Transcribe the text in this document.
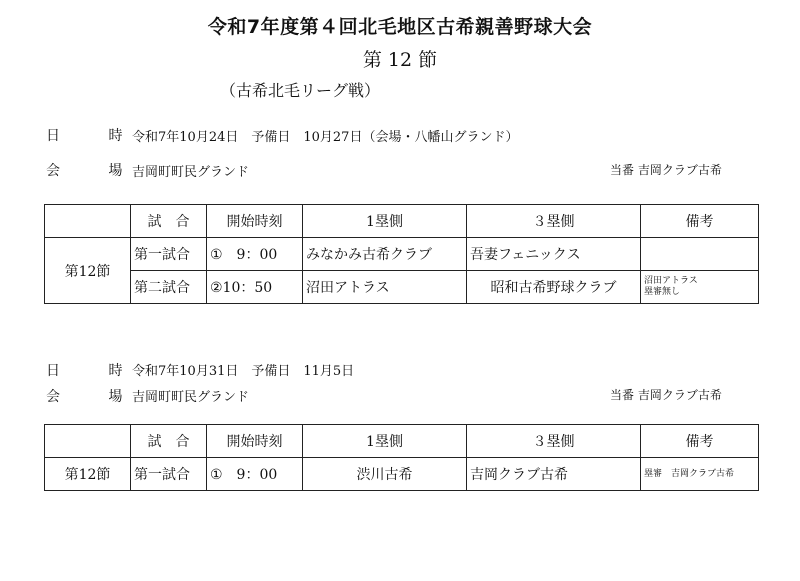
令和7年度第４回北毛地区古希親善野球大会
第 12 節
（古希北毛リーグ戦）
日 時
令和7年10月24日　予備日　10月27日（会場・八幡山グランド）
会 場
吉岡町町民グランド	当番 吉岡クラブ古希
	試　合	開始時刻	1塁側	３塁側	備考
第12節	第一試合	①　9：00	みなかみ古希クラブ	吾妻フェニックス	
	第二試合	②10：50	沼田アトラス	昭和古希野球クラブ	沼田アトラス
塁審無し
日 時
令和7年10月31日　予備日　11月5日
会 場
吉岡町町民グランド	当番 吉岡クラブ古希
	試　合	開始時刻	1塁側	３塁側	備考
第12節	第一試合	①　9：00	渋川古希	吉岡クラブ古希	塁審　吉岡クラブ古希
